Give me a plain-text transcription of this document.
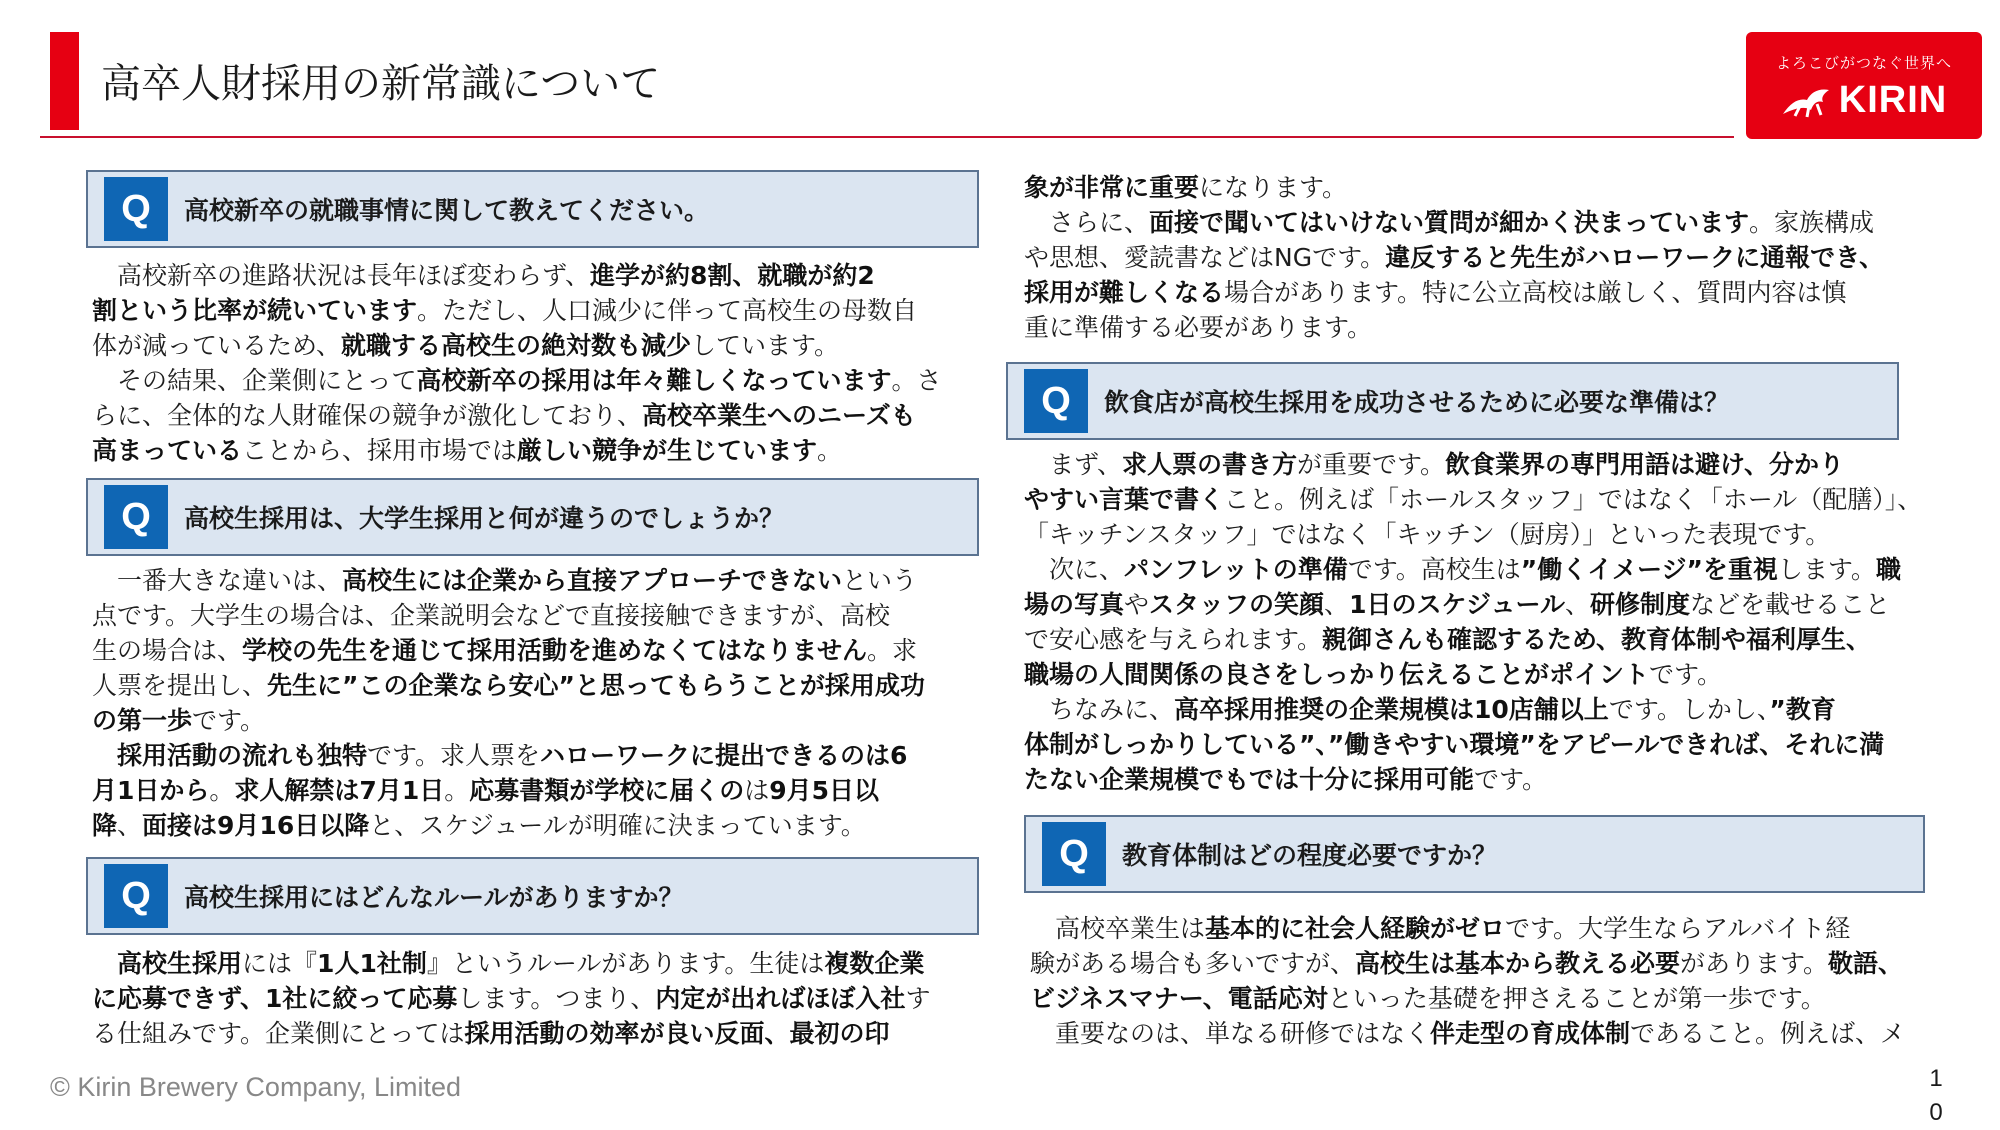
高卒人財採用の新常識について	よろこびがつなぐ世界へ
KIRIN
Q	高校新卒の就職事情に関して教えてください。
　高校新卒の進路状況は長年ほぼ変わらず、進学が約8割、就職が約2
割という比率が続いています。ただし、人口減少に伴って高校生の母数自
体が減っているため、就職する高校生の絶対数も減少しています。
　その結果、企業側にとって高校新卒の採用は年々難しくなっています。さ
らに、全体的な人財確保の競争が激化しており、高校卒業生へのニーズも
高まっていることから、採用市場では厳しい競争が生じています。
Q	高校生採用は、大学生採用と何が違うのでしょうか？
　一番大きな違いは、高校生には企業から直接アプローチできないという
点です。大学生の場合は、企業説明会などで直接接触できますが、高校
生の場合は、学校の先生を通じて採用活動を進めなくてはなりません。求
人票を提出し、先生に”この企業なら安心”と思ってもらうことが採用成功
の第一歩です。
　採用活動の流れも独特です。求人票をハローワークに提出できるのは6
月1日から。求人解禁は7月1日。応募書類が学校に届くのは9月5日以
降、面接は9月16日以降と、スケジュールが明確に決まっています。
Q	高校生採用にはどんなルールがありますか？
　高校生採用には『1人1社制』というルールがあります。生徒は複数企業
に応募できず、1社に絞って応募します。つまり、内定が出ればほぼ入社す
る仕組みです。企業側にとっては採用活動の効率が良い反面、最初の印
象が非常に重要になります。
　さらに、面接で聞いてはいけない質問が細かく決まっています。家族構成
や思想、愛読書などはNGです。違反すると先生がハローワークに通報でき、
採用が難しくなる場合があります。特に公立高校は厳しく、質問内容は慎
重に準備する必要があります。
Q	飲食店が高校生採用を成功させるために必要な準備は？
　まず、求人票の書き方が重要です。飲食業界の専門用語は避け、分かり
やすい言葉で書くこと。例えば「ホールスタッフ」ではなく「ホール（配膳）」、
「キッチンスタッフ」ではなく「キッチン（厨房）」といった表現です。
　次に、パンフレットの準備です。高校生は”働くイメージ”を重視します。職
場の写真やスタッフの笑顔、1日のスケジュール、研修制度などを載せること
で安心感を与えられます。親御さんも確認するため、教育体制や福利厚生、
職場の人間関係の良さをしっかり伝えることがポイントです。
　ちなみに、高卒採用推奨の企業規模は10店舗以上です。しかし、”教育
体制がしっかりしている”、”働きやすい環境”をアピールできれば、それに満
たない企業規模でもでは十分に採用可能です。
Q	教育体制はどの程度必要ですか？
　高校卒業生は基本的に社会人経験がゼロです。大学生ならアルバイト経
験がある場合も多いですが、高校生は基本から教える必要があります。敬語、
ビジネスマナー、電話応対といった基礎を押さえることが第一歩です。
　重要なのは、単なる研修ではなく伴走型の育成体制であること。例えば、メ
© Kirin Brewery Company, Limited	1
0
